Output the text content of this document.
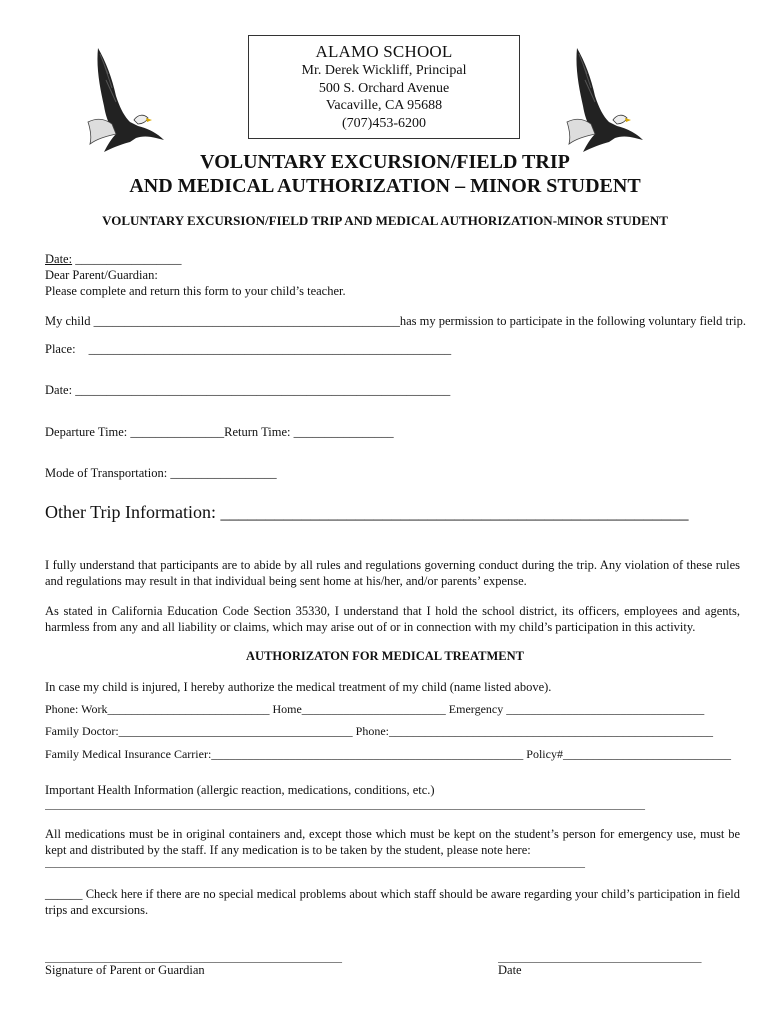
ALAMO SCHOOL
Mr. Derek Wickliff, Principal
500 S. Orchard Avenue
Vacaville, CA 95688
(707)453-6200
VOLUNTARY EXCURSION/FIELD TRIP
AND MEDICAL AUTHORIZATION – MINOR STUDENT
VOLUNTARY EXCURSION/FIELD TRIP AND MEDICAL AUTHORIZATION-MINOR STUDENT
Date: _________________
Dear Parent/Guardian:
Please complete and return this form to your child’s teacher.
My child _________________________________________________has my permission to participate in the following voluntary field trip.
Place: __________________________________________________________
Date: ____________________________________________________________
Departure Time: _______________Return Time: ________________
Mode of Transportation: _________________
Other Trip Information: ____________________________________________________
I fully understand that participants are to abide by all rules and regulations governing conduct during the trip. Any violation of these rules and regulations may result in that individual being sent home at his/her, and/or parents’ expense.
As stated in California Education Code Section 35330, I understand that I hold the school district, its officers, employees and agents, harmless from any and all liability or claims, which may arise out of or in connection with my child’s participation in this activity.
AUTHORIZATON FOR MEDICAL TREATMENT
In case my child is injured, I hereby authorize the medical treatment of my child (name listed above).
Phone: Work___________________________ Home________________________ Emergency _________________________________
Family Doctor:_______________________________________ Phone:______________________________________________________
Family Medical Insurance Carrier:____________________________________________________ Policy#____________________________
Important Health Information (allergic reaction, medications, conditions, etc.)
________________________________________________________________________________________________________________________
All medications must be in original containers and, except those which must be kept on the student’s person for emergency use, must be kept and distributed by the staff. If any medication is to be taken by the student, please note here:
____________________________________________________________________________________________________________
______ Check here if there are no special medical problems about which staff should be aware regarding your child’s participation in field trips and excursions.
______________________________________________________
Signature of Parent or Guardian
_____________________________________
Date
